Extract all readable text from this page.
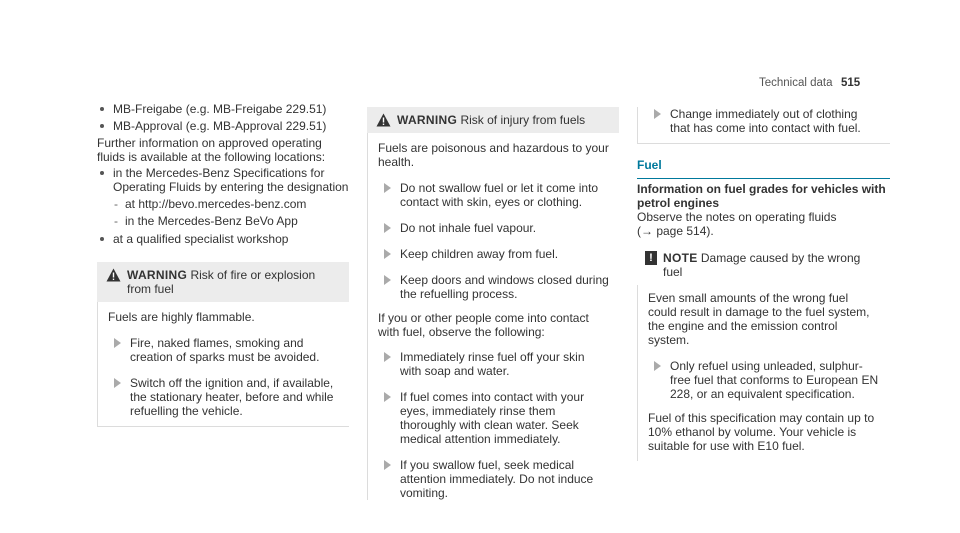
Technical data 515
MB-Freigabe (e.g. MB-Freigabe 229.51)
MB-Approval (e.g. MB-Approval 229.51)
Further information on approved operating fluids is available at the following locations:
in the Mercedes-Benz Specifications for Operating Fluids by entering the designation
- at http://bevo.mercedes-benz.com
- in the Mercedes-Benz BeVo App
at a qualified specialist workshop
WARNING Risk of fire or explosion from fuel
Fuels are highly flammable.
Fire, naked flames, smoking and creation of sparks must be avoided.
Switch off the ignition and, if available, the stationary heater, before and while refuelling the vehicle.
WARNING Risk of injury from fuels
Fuels are poisonous and hazardous to your health.
Do not swallow fuel or let it come into contact with skin, eyes or clothing.
Do not inhale fuel vapour.
Keep children away from fuel.
Keep doors and windows closed during the refuelling process.
If you or other people come into contact with fuel, observe the following:
Immediately rinse fuel off your skin with soap and water.
If fuel comes into contact with your eyes, immediately rinse them thoroughly with clean water. Seek medical attention immediately.
If you swallow fuel, seek medical attention immediately. Do not induce vomiting.
Change immediately out of clothing that has come into contact with fuel.
Fuel
Information on fuel grades for vehicles with petrol engines
Observe the notes on operating fluids
(→ page 514).
! NOTE Damage caused by the wrong fuel
Even small amounts of the wrong fuel could result in damage to the fuel system, the engine and the emission control system.
Only refuel using unleaded, sulphur-free fuel that conforms to European EN 228, or an equivalent specification.
Fuel of this specification may contain up to 10% ethanol by volume. Your vehicle is suitable for use with E10 fuel.
